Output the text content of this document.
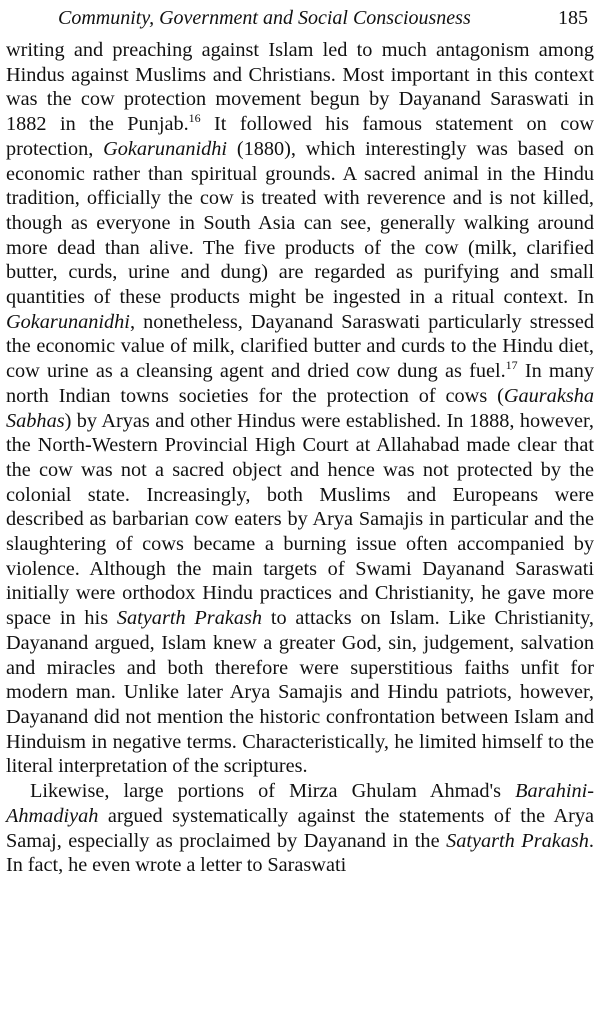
Community, Government and Social Consciousness	185

writing and preaching against Islam led to much antagonism among Hindus against Muslims and Christians. Most important in this context was the cow protection movement begun by Dayanand Saraswati in 1882 in the Punjab.$^{16}$ It followed his famous statement on cow protection, Gokarunanidhi (1880), which interestingly was based on economic rather than spiritual grounds. A sacred animal in the Hindu tradition, officially the cow is treated with reverence and is not killed, though as everyone in South Asia can see, generally walking around more dead than alive. The five products of the cow (milk, clarified butter, curds, urine and dung) are regarded as purifying and small quantities of these products might be ingested in a ritual context. In Gokarunanidhi, nonetheless, Dayanand Saraswati particularly stressed the economic value of milk, clarified butter and curds to the Hindu diet, cow urine as a cleansing agent and dried cow dung as fuel.$^{17}$ In many north Indian towns societies for the protection of cows (Gauraksha Sabhas) by Aryas and other Hindus were established. In 1888, however, the North-Western Provincial High Court at Allahabad made clear that the cow was not a sacred object and hence was not protected by the colonial state. Increasingly, both Muslims and Europeans were described as barbarian cow eaters by Arya Samajis in particular and the slaughtering of cows became a burning issue often accompanied by violence. Although the main targets of Swami Dayanand Saraswati initially were orthodox Hindu practices and Christianity, he gave more space in his Satyarth Prakash to attacks on Islam. Like Christianity, Dayanand argued, Islam knew a greater God, sin, judgement, salvation and miracles and both therefore were superstitious faiths unfit for modern man. Unlike later Arya Samajis and Hindu patriots, however, Dayanand did not mention the historic confrontation between Islam and Hinduism in negative terms. Characteristically, he limited himself to the literal interpretation of the scriptures.

Likewise, large portions of Mirza Ghulam Ahmad's Barahini-Ahmadiyah argued systematically against the statements of the Arya Samaj, especially as proclaimed by Dayanand in the Satyarth Prakash. In fact, he even wrote a letter to Saraswati
